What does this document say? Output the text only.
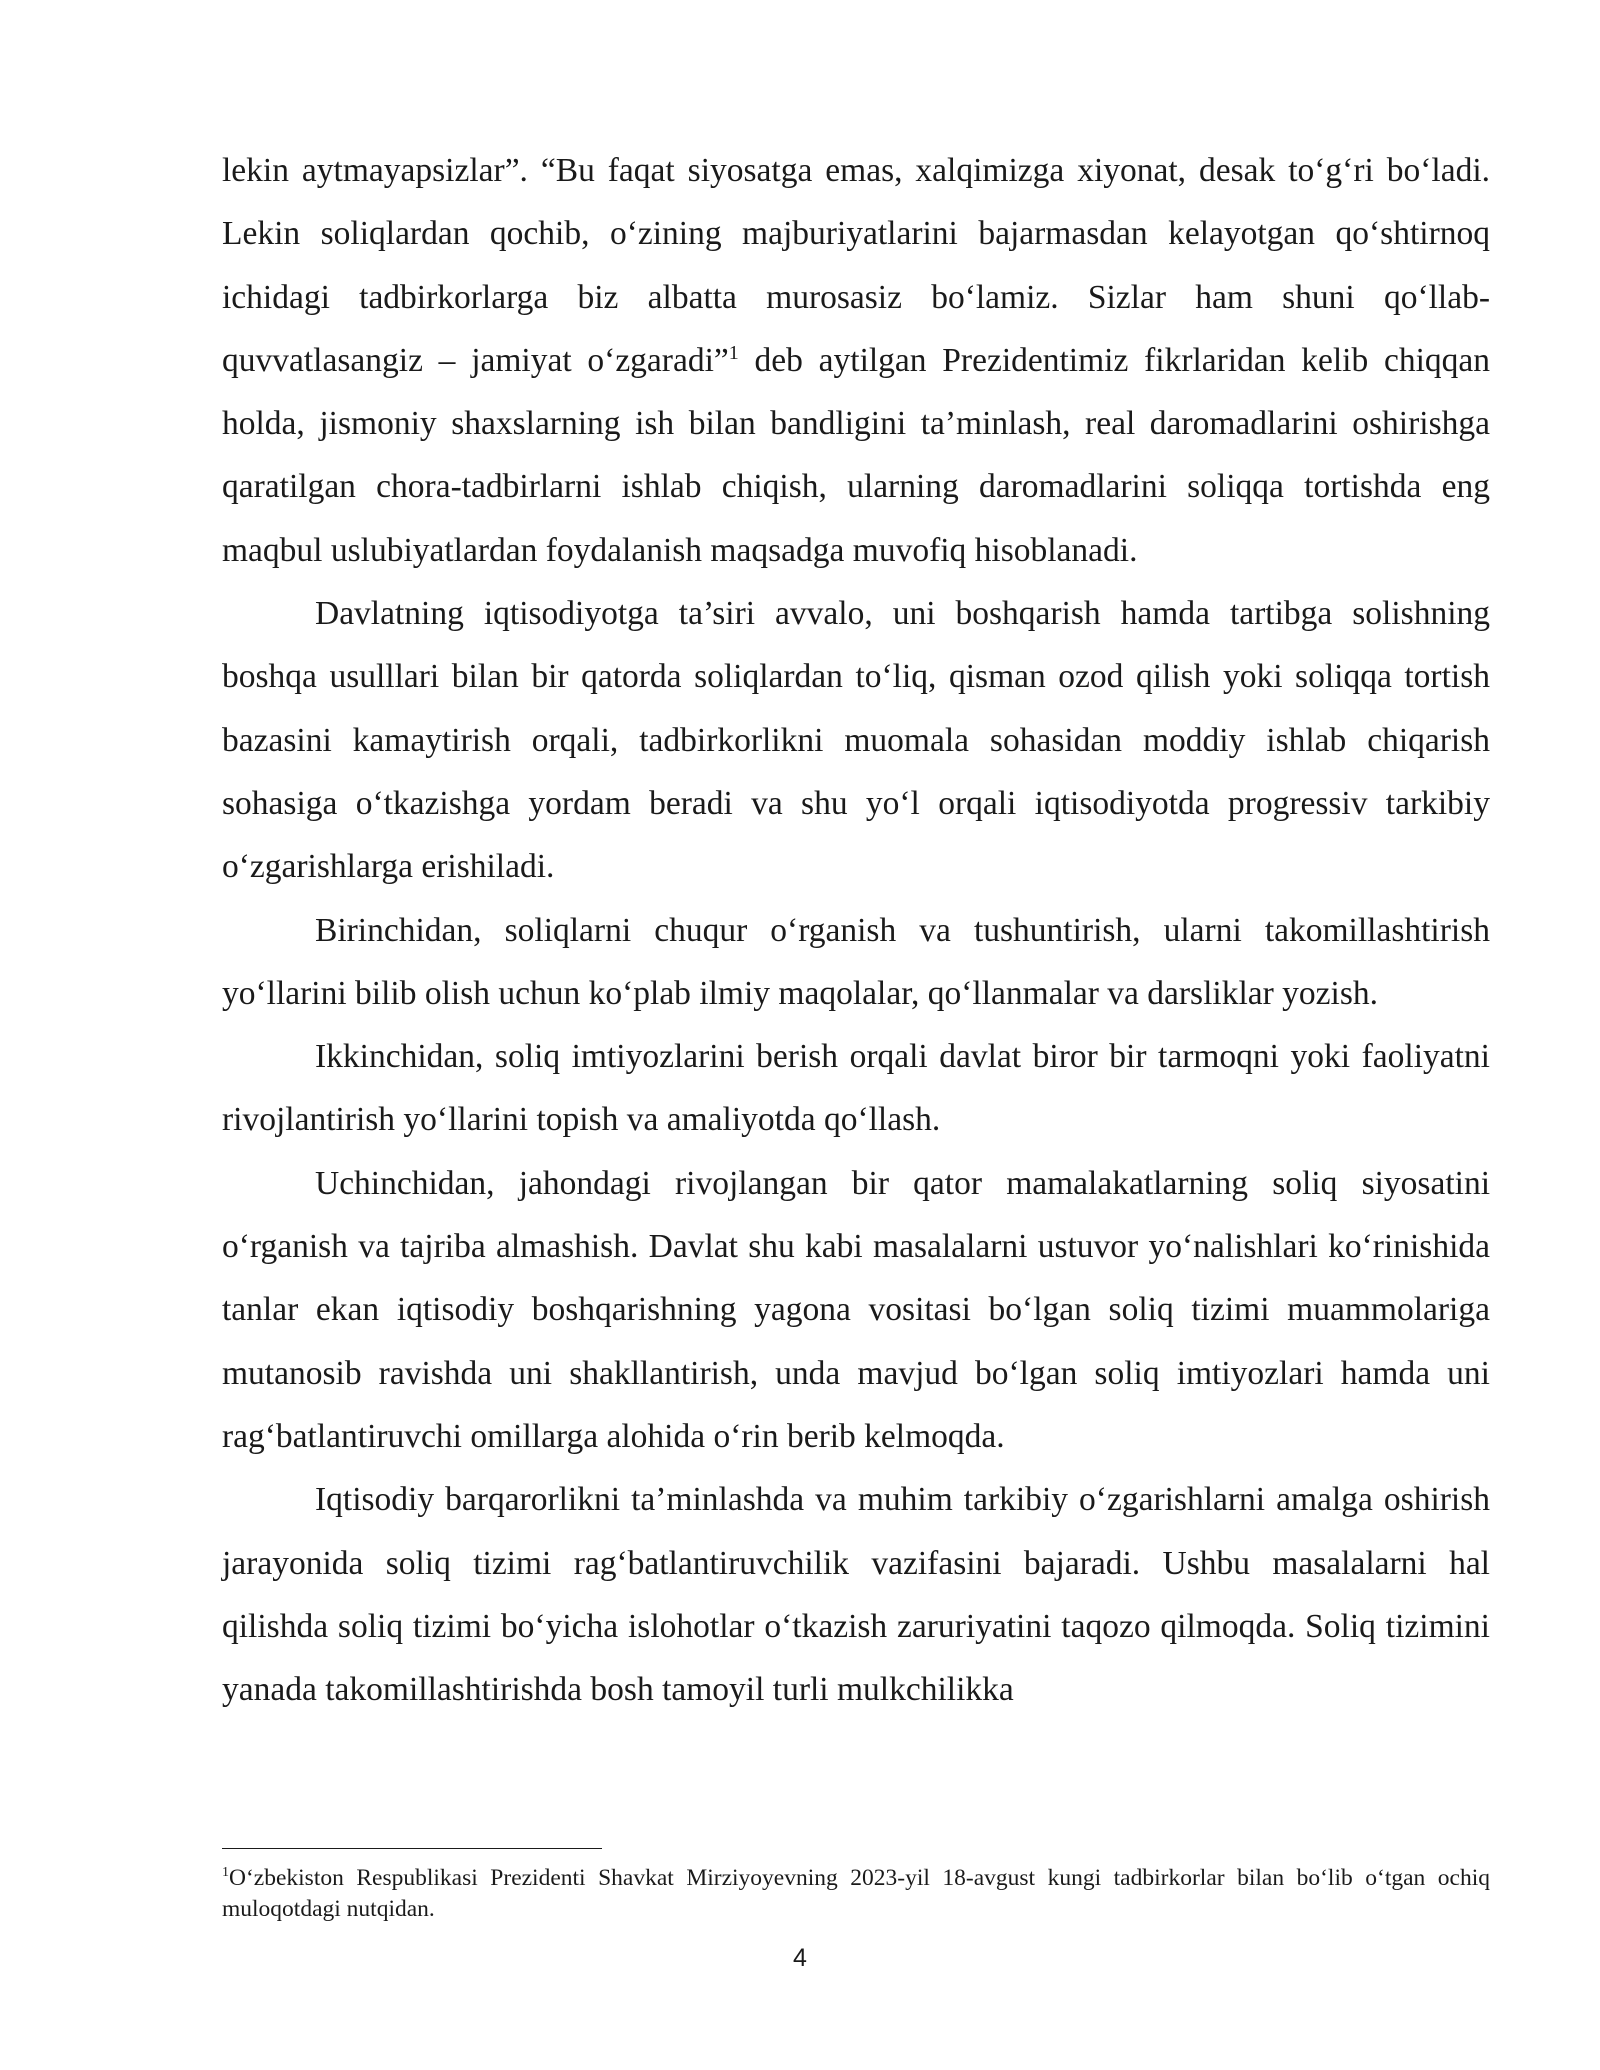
lekin aytmayapsizlar”. “Bu faqat siyosatga emas, xalqimizga xiyonat, desak to‘g‘ri bo‘ladi. Lekin soliqlardan qochib, o‘zining majburiyatlarini bajarmasdan kelayotgan qo‘shtirnoq ichidagi tadbirkorlarga biz albatta murosasiz bo‘lamiz. Sizlar ham shuni qo‘llab-quvvatlasangiz – jamiyat o‘zgaradi”$^1$ deb aytilgan Prezidentimiz fikrlaridan kelib chiqqan holda, jismoniy shaxslarning ish bilan bandligini ta’minlash, real daromadlarini oshirishga qaratilgan chora-tadbirlarni ishlab chiqish, ularning daromadlarini soliqqa tortishda eng maqbul uslubiyatlardan foydalanish maqsadga muvofiq hisoblanadi.

Davlatning iqtisodiyotga ta’siri avvalo, uni boshqarish hamda tartibga solishning boshqa usulllari bilan bir qatorda soliqlardan to‘liq, qisman ozod qilish yoki soliqqa tortish bazasini kamaytirish orqali, tadbirkorlikni muomala sohasidan moddiy ishlab chiqarish sohasiga o‘tkazishga yordam beradi va shu yo‘l orqali iqtisodiyotda progressiv tarkibiy o‘zgarishlarga erishiladi.

Birinchidan, soliqlarni chuqur o‘rganish va tushuntirish, ularni takomillashtirish yo‘llarini bilib olish uchun ko‘plab ilmiy maqolalar, qo‘llanmalar va darsliklar yozish.

Ikkinchidan, soliq imtiyozlarini berish orqali davlat biror bir tarmoqni yoki faoliyatni rivojlantirish yo‘llarini topish va amaliyotda qo‘llash.

Uchinchidan, jahondagi rivojlangan bir qator mamalakatlarning soliq siyosatini o‘rganish va tajriba almashish. Davlat shu kabi masalalarni ustuvor yo‘nalishlari ko‘rinishida tanlar ekan iqtisodiy boshqarishning yagona vositasi bo‘lgan soliq tizimi muammolariga mutanosib ravishda uni shakllantirish, unda mavjud bo‘lgan soliq imtiyozlari hamda uni rag‘batlantiruvchi omillarga alohida o‘rin berib kelmoqda.

Iqtisodiy barqarorlikni ta’minlashda va muhim tarkibiy o‘zgarishlarni amalga oshirish jarayonida soliq tizimi rag‘batlantiruvchilik vazifasini bajaradi. Ushbu masalalarni hal qilishda soliq tizimi bo‘yicha islohotlar o‘tkazish zaruriyatini taqozo qilmoqda. Soliq tizimini yanada takomillashtirishda bosh tamoyil turli mulkchilikka

$^1$O‘zbekiston Respublikasi Prezidenti Shavkat Mirziyoyevning 2023-yil 18-avgust kungi tadbirkorlar bilan bo‘lib o‘tgan ochiq muloqotdagi nutqidan.

4
